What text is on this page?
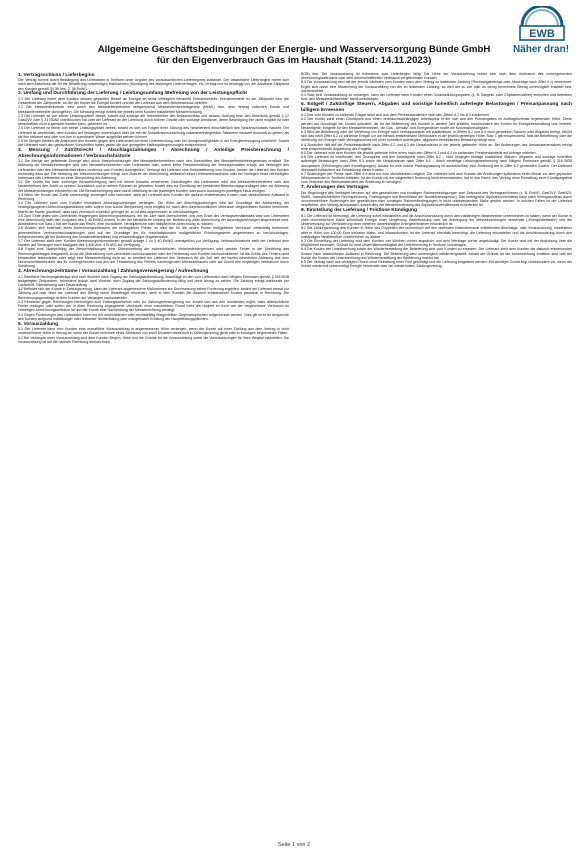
EWB
Näher dran!
Allgemeine Geschäftsbedingungen der Energie- und Wasserversorgung Bünde GmbH
für den Eigenverbrauch Gas im Haushalt (Stand: 14.11.2023)
1. Vertragsschluss / Lieferbeginn

Der Vertrag kommt durch Bestätigung des Lieferanten in Textform unter Angabe des voraussichtlichen Lieferbeginns zustande. Der tatsächliche Lieferbeginn richtet sich nach dem Abschluss der für die Belieferung notwendigen Maßnahmen (Kündigung des bisherigen Liefervertrages, etc.) erfolgt und ist abhängig von der Abnahme Zählpunkt des Kunden gemäß §§ 36 Abs. 2, 38 EnWG.

2. Umfang und Durchführung der Lieferung / Leistungsumfang /Befreiung von der Leistungspflicht

2.1 Der Lieferant liefert dem Kunden dessen gesamten Bedarf an Energie an seine vertraglich benannte Entnahmestelle. Entnahmestelle ist der Zählpunkt bzw. die Gesamtheit der Zählpunkte, an der der Kunde die Energie bezieht und die der Lieferant aus dem Netzanschluss beliefert.

2.2 Der Messstellenbetrieb wird durch den Messstellenbetreiber entsprechend Messstellenbetriebsgesetz (MsbG) bzw. dem Vertrag zwischen Kunde und Messstellenbetreiber durchgeführt. Die Messung erfolgt mittels der jeweils beim Kunden installierten Messeinrichtung.

2.3 Der Lieferant ist von seiner Leistungspflicht befreit, soweit und solange der Netzbetreiber den Netzanschluss und dessen Nutzung bzw. den Anschluss gemäß § 17 GasGVV oder § 24 NDAV unterbrochen hat oder der Lieferant an der Lieferung durch höhere Gewalt oder sonstige Umstände, deren Beseitigung ihm nicht möglich ist oder wirtschaftlich nicht zugemutet werden kann, gehindert ist.

2.4 Der Lieferant ist ferner von seiner Leistungspflicht befreit, soweit es sich um Folgen einer Störung des Netzbetriebs einschließlich des Netzanschlusses handelt. Der Lieferant ist verpflichtet, dem Kunden auf Verlangen unverzüglich über die mit der Schadensverursachung zusammenhängenden Tatsachen insoweit Auskunft zu geben, als sie ihm bekannt sind oder von ihm in zumutbarer Weise aufgeklärt werden können.

2.5 Im Übrigen bleiben die Ansprüche des Kunden gegen den Lieferanten bei einer Unterbrechung oder bei Unregelmäßigkeiten in der Energieversorgung unberührt. Soweit der Lieferant nach den gesetzlichen Vorschriften haftet, gelten die dort geregelten Haftungsbegrenzungen entsprechend.

3. Messung / Zutrittsrecht / Abschlagszahlungen / Abrechnung / Anteilige Preisberechnung / Abrechnungsinformationen / Verbrauchshistorie

3.1 Die Menge der gelieferten Energie wird durch Messeinrichtungen des Messstellenbetreibers nach den Vorschriften des Messstellenbetriebsgesetzes ermittelt. Die Ablesung der Messeinrichtungen wird vom Messstellenbetreiber oder Lieferanten oder, sofern keine Fernübermittlung der Verbrauchsdaten erfolgt, auf Verlangen des Lieferanten oder des Messstellenbetreibers kostenlos vom Kunden durchgeführt. Verlangt der Lieferant eine Selbstablesung vom Kunden, fordert der Lieferant den Kunden rechtzeitig dazu auf. Die Ablesung der Messeinrichtungen erfolgt zum Zwecke der Abrechnung, anlässlich eines Lieferantenwechsels oder bei Vorliegen eines berechtigten Interesses des Lieferanten an einer Überprüfung der Ablesung.

3.2 Der Kunde hat nach vorheriger Benachrichtigung dem mit einem Ausweis versehenen Beauftragten des Lieferanten oder des Messstellenbetreibers oder des Netzbetreibers den Zutritt zu seinem Grundstück und zu seinen Räumen zu gestatten, soweit dies zur Ermittlung der preislichen Bemessungsgrundlagen oder zur Ablesung der Messeinrichtungen erforderlich ist. Die Benachrichtigung kann durch Mitteilung an die jeweiligen Kunden oder durch Aushang im jeweiligen Haus erfolgen.

3.3 Wenn der Kunde den Zutritt unberechtigt verweigert oder behindert, stellt der Lieferant dem Kunden die dadurch entstehenden Kosten nach tatsächlichem Aufwand in Rechnung.

3.4 Der Lieferant kann vom Kunden monatliche Abschlagszahlungen verlangen. Die Höhe der Abschlagszahlungen wird auf Grundlage der Abrechnung der vorangegangenen Abrechnungszeiträume oder, sofern eine solche Berechnung nicht möglich ist, nach dem durchschnittlichen Verbrauch vergleichbarer Kunden berechnet. Macht der Kunde glaubhaft, dass sein Verbrauch erheblich geringer ist, so ist dies angemessen zu berücksichtigen.

3.5 Zum Ende jedes vom Lieferanten festgelegten Abrechnungszeitraums, der ein Jahr nicht überschreitet, und zum Ende des Vertragsverhältnisses wird vom Lieferanten eine Abrechnung nach den Vorgaben des § 40 EnWG erstellt, in der der tatsächliche Umfang der Belieferung unter Anrechnung der Abschlagszahlungen abgerechnet wird. Abweichend von Satz 1 hat der Kunde das Recht, eine monatliche, vierteljährliche oder halbjährliche Abrechnung zu wählen.

3.6 Ändern sich innerhalb eines Abrechnungszeitraums die vertraglichen Preise, so wird der für die neuen Preise maßgebliche Verbrauch zeitanteilig berechnet; jahreszeitliche Verbrauchsschwankungen sind auf der Grundlage der für Haushaltskunden maßgeblichen Erfahrungswerte angemessen zu berücksichtigen. Entsprechendes gilt bei Änderung des Umsatzsteuersatzes und erlösabhängiger Abgabensätze.

3.7 Der Lieferant stellt dem Kunden Abrechnungsinformationen gemäß Anlage 1 zu § 40 EnWG unentgeltlich zur Verfügung. Verbrauchshistorie stellt der Lieferant dem Kunden auf Verlangen nach Maßgabe des § 40b Abs. 4 EnWG zur Verfügung.

3.8 Ergibt eine Nachprüfung der Messeinrichtungen eine Überschreitung der eichrechtlichen Verkehrsfehlergrenzen oder werden Fehler in der Ermittlung des Rechnungsbetrages festgestellt, so ist die Überzahlung vom Lieferanten zurückzuzahlen oder der Fehlbetrag vom Kunden nachzuentrichten. Ist die Größe des Fehlers nicht einwandfrei festzustellen oder zeigt eine Messeinrichtung nicht an, so ermittelt der Lieferant den Verbrauch für die Zeit seit der letzten fehlerfreien Ablesung aus dem Durchschnittsverbrauch des ihr vorhergehenden und des der Feststellung des Fehlers nachfolgenden Ablesezeitraums oder auf Grund des vorjährigen Verbrauchs durch Schätzung.

4. Abrechnungszeiträume / Vorauszahlung / Zahlungsverweigerung / Aufrechnung

4.1 Sämtliche Rechnungsbeträge sind zwei Wochen nach Zugang der Zahlungsaufforderung, Abschläge zu den vom Lieferanten nach billigem Ermessen gemäß § 315 BGB festgelegten Zeitpunkten, frühestens jedoch zwei Wochen nach Zugang der Zahlungsaufforderung fällig und ohne Abzug zu zahlen. Die Zahlung erfolgt wahlweise per Lastschrift, Überweisung oder Dauerauftrag.

4.2 Befindet sich der Kunde in Zahlungsverzug, kann der Lieferant angemessene Maßnahmen zur Durchsetzung seiner Forderung ergreifen; fordert der Lieferant erneut zur Zahlung auf oder lässt der Lieferant den Betrag durch Beauftragte einziehen, stellt er dem Kunden die dadurch entstandenen Kosten pauschal in Rechnung. Die Berechnungsgrundlage ist dem Kunden auf Verlangen nachzuweisen.

4.3 Einwände gegen Rechnungen berechtigen zum Zahlungsaufschub oder zur Zahlungsverweigerung nur, soweit sich aus den Umständen ergibt, dass offensichtliche Fehler vorliegen oder sofern der in einer Rechnung angegebene Verbrauch ohne ersichtlichen Grund mehr als doppelt so hoch wie der vergleichbare Verbrauch im vorherigen Abrechnungszeitraum ist und der Kunde eine Nachprüfung der Messeinrichtung verlangt.

4.4 Gegen Forderungen des Lieferanten kann nur mit unbestrittenen oder rechtskräftig festgestellten Gegenansprüchen aufgerechnet werden. Dies gilt nicht für Ansprüche des Kunden aufgrund vollständiger oder teilweiser Nichterfüllung oder mangelhafter Erfüllung der Hauptleistungspflichten.

5. Vorauszahlung

5.1 Der Lieferant kann vom Kunden eine monatliche Vorauszahlung in angemessener Höhe verlangen, wenn der Kunde mit einer Zahlung aus dem Vertrag in nicht unwesentlicher Höhe in Verzug ist, wenn der Kunde innerhalb eines Zeitraums von zwölf Monaten wiederholt in Zahlungsverzug gerät oder in sonstigen begründeten Fällen.

5.2 Bei Verlangen einer Vorauszahlung sind dem Kunden Beginn, Höhe und die Gründe für die Vorauszahlung sowie die Voraussetzungen für ihren Wegfall mitzuteilen. Die Vorauszahlung ist auf die nächste Rechnung anzurechnen.

BGB) fest. Die Vorauszahlung ist frühestens zum Lieferbeginn fällig. Die Höhe der Vorauszahlung richtet sich nach dem Verbrauch des vorhergehenden Abrechnungszeitraums oder dem durchschnittlichen Verbrauch vergleichbarer Kunden.

5.3 Die Vorauszahlung wird mit der jeweils nächsten vom Kunden nach dem Vertrag zu leistenden Zahlung (Rechnungsbeträge oder Abschläge nach Ziffer 4.1) verrechnet. Ergibt sich dabei eine Abweichung der Vorauszahlung von der zu leistenden Zahlung, so wird der zu viel oder zu wenig berechnete Betrag unverzüglich erstattet bzw. nachentrichtet.

5.4 Statt eine Vorauszahlung zu verlangen, kann der Lieferant beim Kunden einen Vorauszahlungssystem (z. B. Bargeld- oder Chipkartenzähler) einrichten und betreiben bzw. den Messstellenbetreiber damit beauftragen.

6. Entgelt / Zukünftige Steuern, Abgaben und sonstige hoheitlich auferlegte Belastungen / Preisanpassung nach billigem Ermessen

6.1 Das vom Kunden zu zahlende Entgelt setzt sich aus dem Preisbestandteilen nach den Ziffern 6.2 bis 6.4 zusammen.

6.2 Der Kunde zahlt einen Grundpreis und einen verbrauchsabhängigen Arbeitspreis in der sich aus den Preisangaben im Auftragsformular ergebenden Höhe. Diese werden auf Grundlage der Kosten kalkuliert, die für die Belieferung des Kunden in diesem Tarif anfallen, insbesondere der Kosten für Energiebeschaffung und Vertrieb, Netzentgelte, Entgelte für den Messstellenbetrieb, die Gas-, Umsatz- und Energiesteuer sowie die Konzessionsabgabe.

6.3 Wird die Belieferung oder die Verteilung von Energie nach Vertragsschluss mit zusätzlichen, in Ziffern 6.2 und 6.4 nicht genannten Steuern oder Abgaben belegt, erhöht sich das nach Ziffer 6.2 zu zahlende Entgelt um die hieraus entstehenden Mehrkosten in der jeweils geltenden Höhe. Satz 1 gilt entsprechend, falls die Belieferung oder die Verteilung von Energie nach Vertragsschluss mit einer hoheitlich auferlegten, allgemein verbindlichen Belastung belegt wird.

6.4 Zusätzlich fällt auf die Preisbestandteile nach Ziffer 6.2 und 6.3 die Umsatzsteuer in der jeweils geltenden Höhe an. Bei Änderungen des Umsatzsteuersatzes erfolgt eine entsprechende Anpassung des Entgelts.

6.5 Der Lieferant wird dem Kunden die jeweils geltende Höhe eines nach den Ziffern 6.3 und 6.4 zu zahlenden Preisbestandteils auf Anfrage mitteilen.

6.6 Der Lieferant ist verpflichtet, den Grundpreis und den Arbeitspreis nach Ziffer 6.2 – nicht hingegen etwaige zusätzliche Steuern, Abgaben und sonstige hoheitlich auferlegte Belastungen nach Ziffer 6.3 sowie die Umsatzsteuer nach Ziffer 6.4 – durch einseitige Leistungsbestimmung nach billigem Ermessen gemäß § 315 BGB anzupassen (Erhöhungen oder Ermäßigungen). Anlass für eine solche Preisanpassung ist ausschließlich eine Änderung der in Ziffer 6.2 genannten Kosten. Der Lieferant überwacht fortlaufend die Entwicklung dieser Kosten.

6.7 Änderungen der Preise nach Ziffer 6.6 sind nur zum Monatsersten möglich. Der Lieferant wird dem Kunden die Änderungen spätestens einen Monat vor dem geplanten Wirksamwerden in Textform mitteilen. Ist der Kunde mit der mitgeteilten Änderung nicht einverstanden, hat er das Recht, den Vertrag ohne Einhaltung einer Kündigungsfrist zum Zeitpunkt des Wirksamwerdens der Änderung zu kündigen.

7. Änderungen des Vertrages

Die Regelungen des Vertrages beruhen auf den gesetzlichen und sonstigen Rahmenbedingungen zum Zeitpunkt des Vertragsschlusses (z. B. EnWG, GasGVV, GasNZV, MsbG, höchstrichterliche Rechtsprechung, Festlegungen und Beschlüsse der Bundesnetzagentur). Das vertragliche Äquivalenzverhältnis kann nach Vertragsschluss durch unvorhersehbare Änderungen der gesetzlichen oder sonstigen Rahmenbedingungen in nicht unbedeutendem Maße gestört werden. In solchen Fällen ist der Lieferant verpflichtet, den Vertrag anzupassen, soweit dies zur Wiederherstellung des Äquivalenzverhältnisses erforderlich ist.

8. Einstellung der Lieferung / Fristlose Kündigung

8.1 Der Lieferant ist berechtigt, die Lieferung sofort einzustellen und die Anschlussnutzung durch den zuständigen Netzbetreiber unterbrechen zu lassen, wenn der Kunde in nicht unerheblichem Maße schuldhaft Energie unter Umgehung, Beeinflussung oder vor Anbringung der Messeinrichtungen verwendet („Energiediebstahl“) und die Unterbrechung zur Verhinderung einer weiteren unberechtigten Energieentnahme erforderlich ist.

8.2 Bei Zahlungsverzug des Kunden in Höhe des Doppelten der rechnerisch auf den laufenden Kalendermonat entfallenden Abschlags- oder Vorauszahlung, mindestens aber in Höhe von 100,00 Euro inklusive Mahn- und Inkassokosten, ist der Lieferant ebenfalls berechtigt, die Lieferung einzustellen und die Anschlussnutzung durch den zuständigen Netzbetreiber unterbrechen zu lassen.

8.3 Die Einstellung der Lieferung wird dem Kunden vier Wochen vorher angedroht und acht Werktage vorher angekündigt. Der Kunde wird mit der Androhung über die Möglichkeit informiert, Gründe für eine Unverhältnismäßigkeit der Unterbrechung in Textform vorzutragen.

8.4 Die Kosten der Unterbrechung sowie der Wiederherstellung der Belieferung sind vom Kunden zu ersetzen. Der Lieferant stellt dem Kunden die dadurch entstehenden Kosten nach tatsächlichem Aufwand in Rechnung. Die Belieferung wird unverzüglich wiederhergestellt, sobald die Gründe für die Unterbrechung entfallen sind und der Kunde die Kosten der Unterbrechung und Wiederherstellung der Belieferung ersetzt hat.

8.5 Der Vertrag kann aus wichtigem Grund ohne Einhaltung einer Frist gekündigt und die Lieferung eingestellt werden. Ein wichtiger Grund liegt insbesondere vor, wenn der Kunde wiederholt unberechtigt Energie verwendet oder bei wiederholtem Zahlungsverzug.

Seite 1 von 2
